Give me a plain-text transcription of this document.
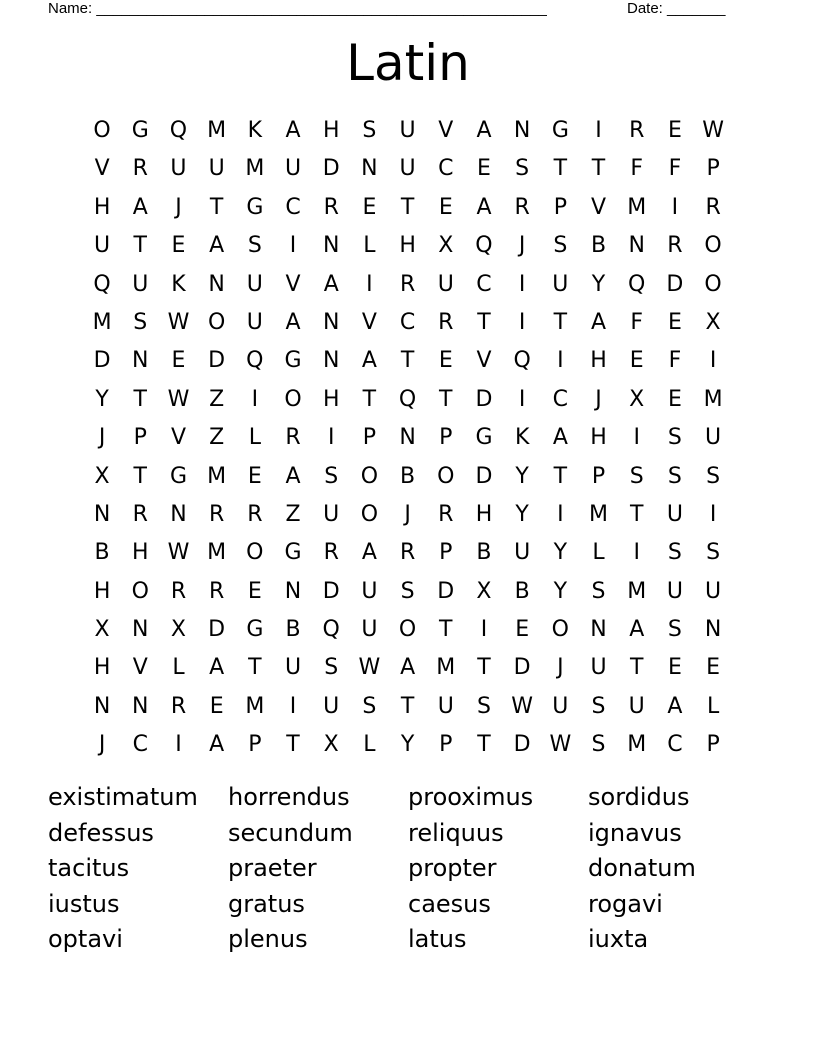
Name: ______________________________________________________	Date: _______
Latin
O G Q M K	A	H	S	U	V	A	N G	I	R	E W
V	R	U	U M U D N U	C	E	S	T	T	F	F	P
H	A	J	T	G C	R	E	T	E	A	R	P	V M	I	R
U	T	E	A	S	I	N	L	H	X Q	J	S	B	N	R O
Q U	K	N U	V	A	I	R	U	C	I	U	Y	Q D O
M S W O U	A	N	V	C	R	T	I	T	A	F	E	X
D N	E	D Q G N	A	T	E	V Q	I	H	E	F	I
Y	T W Z	I	O H	T	Q	T	D	I	C	J	X	E M
J	P	V	Z	L	R	I	P	N	P	G	K	A	H	I	S	U
X	T	G M E	A	S	O B O D	Y	T	P	S	S	S
N	R	N	R	R	Z	U O	J	R	H	Y	I	M T	U	I
B	H W M O G	R	A	R	P	B	U	Y	L	I	S	S
H O R	R	E	N D U	S	D	X	B	Y	S M U	U
X	N	X	D G	B Q U O	T	I	E	O N	A	S	N
H	V	L	A	T	U	S W A M T	D	J	U	T	E	E
N N	R	E M	I	U	S	T	U	S W U	S	U	A	L
J	C	I	A	P	T	X	L	Y	P	T	D W S M C	P
existimatum	horrendus	prooximus	sordidus
defessus	secundum	reliquus	ignavus
tacitus	praeter	propter	donatum
iustus	gratus	caesus	rogavi
optavi	plenus	latus	iuxta
